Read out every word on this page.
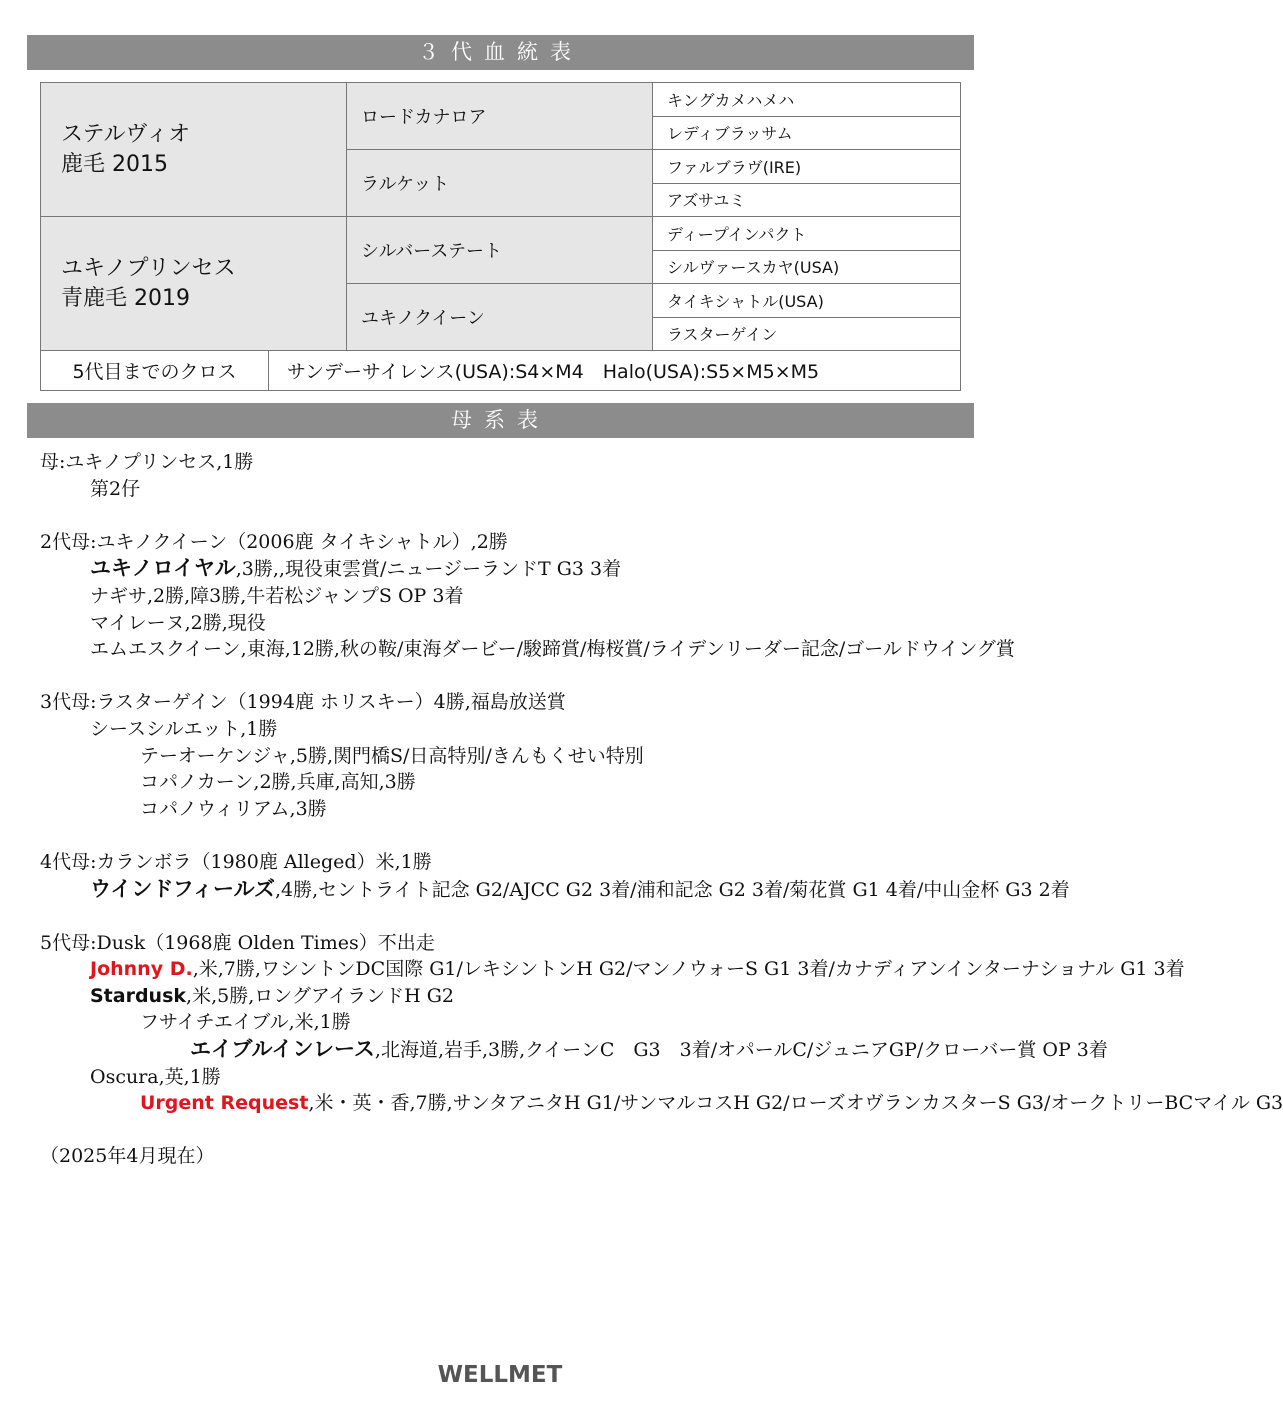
３代血統表
ステルヴィオ
鹿毛 2015		ロードカナロア	キングカメハメハ
			レディブラッサム
		ラルケット	ファルブラヴ(IRE)
			アズサユミ

ユキノプリンセス
青鹿毛 2019		シルバーステート	ディープインパクト
			シルヴァースカヤ(USA)
		ユキノクイーン	タイキシャトル(USA)
			ラスターゲイン
5代目までのクロス	サンデーサイレンス(USA):S4×M4　Halo(USA):S5×M5×M5		
母系表

母:ユキノプリンセス,1勝

第2仔

2代母:ユキノクイーン（2006鹿 タイキシャトル）,2勝

ユキノロイヤル,3勝,,現役東雲賞/ニュージーランドT G3 3着

ナギサ,2勝,障3勝,牛若松ジャンプS OP 3着

マイレーヌ,2勝,現役

エムエスクイーン,東海,12勝,秋の鞍/東海ダービー/駿蹄賞/梅桜賞/ライデンリーダー記念/ゴールドウイング賞

3代母:ラスターゲイン（1994鹿 ホリスキー）4勝,福島放送賞

シースシルエット,1勝

テーオーケンジャ,5勝,関門橋S/日高特別/きんもくせい特別

コパノカーン,2勝,兵庫,高知,3勝

コパノウィリアム,3勝

4代母:カランボラ（1980鹿 Alleged）米,1勝

ウインドフィールズ,4勝,セントライト記念 G2/AJCC G2 3着/浦和記念 G2 3着/菊花賞 G1 4着/中山金杯 G3 2着

5代母:Dusk（1968鹿 Olden Times）不出走

Johnny D.,米,7勝,ワシントンDC国際 G1/レキシントンH G2/マンノウォーS G1 3着/カナディアンインターナショナル G1 3着

Stardusk,米,5勝,ロングアイランドH G2

フサイチエイブル,米,1勝

エイブルインレース,北海道,岩手,3勝,クイーンC　G3　3着/オパールC/ジュニアGP/クローバー賞 OP 3着

Oscura,英,1勝

Urgent Request,米・英・香,7勝,サンタアニタH G1/サンマルコスH G2/ローズオヴランカスターS G3/オークトリーBCマイル G3

（2025年4月現在）

WELLMET
